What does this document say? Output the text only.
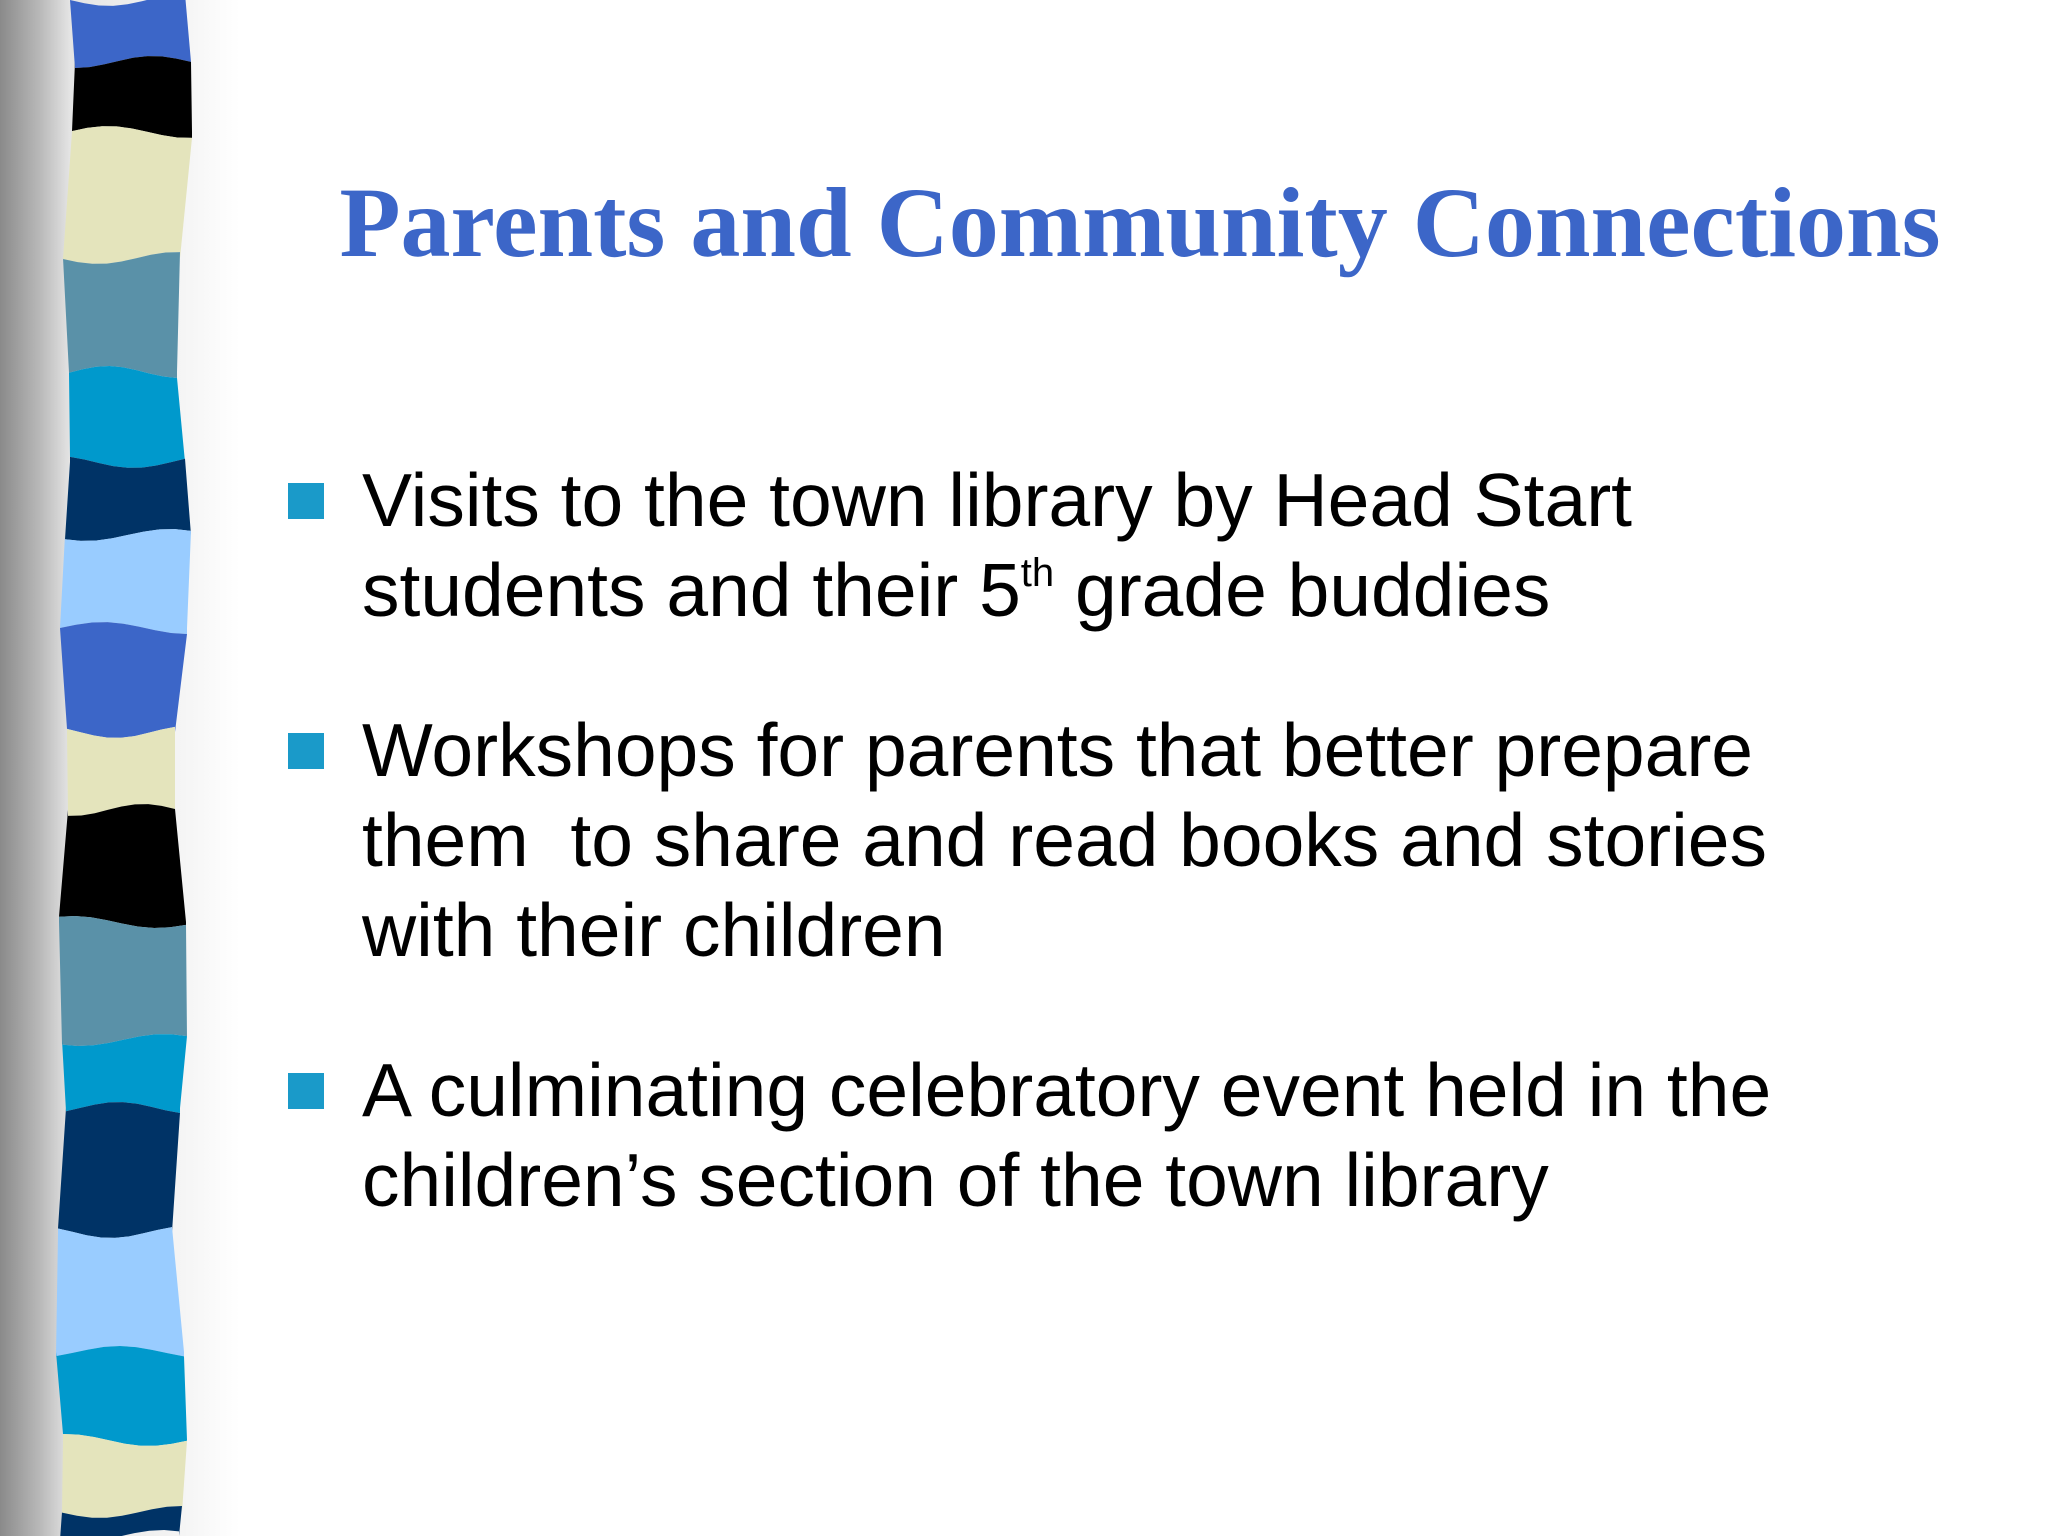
Parents and Community Connections
Visits to the town library by Head Start
students and their 5th grade buddies
Workshops for parents that better prepare
them  to share and read books and stories
with their children
A culminating celebratory event held in the
children’s section of the town library
